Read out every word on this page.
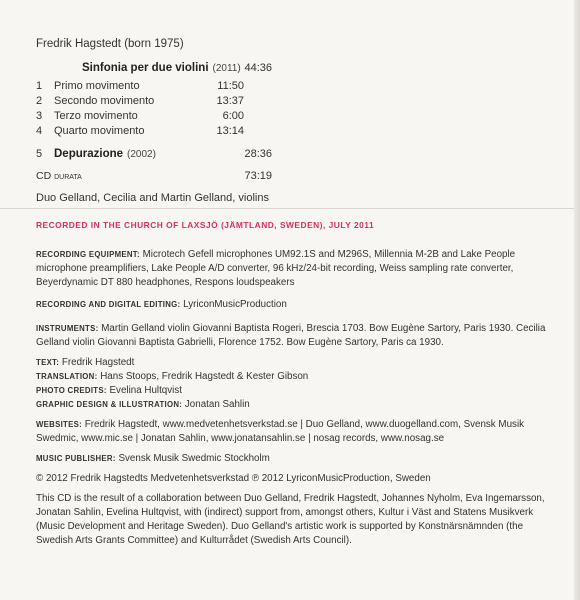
Fredrik Hagstedt (born 1975)
Sinfonia per due violini (2011) 44:36
1	Primo movimento	11:50
2	Secondo movimento	13:37
3	Terzo movimento	6:00
4	Quarto movimento	13:14
5	Depurazione (2002)	28:36
CD durata	73:19
Duo Gelland, Cecilia and Martin Gelland, violins
RECORDED IN THE CHURCH OF LAXSJÖ (JÄMTLAND, SWEDEN), JULY 2011
RECORDING EQUIPMENT: Microtech Gefell microphones UM92.1S and M296S, Millennia M-2B and Lake People microphone preamplifiers, Lake People A/D converter, 96 kHz/24-bit recording, Weiss sampling rate converter, Beyerdynamic DT 880 headphones, Respons loudspeakers
RECORDING AND DIGITAL EDITING: LyriconMusicProduction
INSTRUMENTS: Martin Gelland violin Giovanni Baptista Rogeri, Brescia 1703. Bow Eugène Sartory, Paris 1930. Cecilia Gelland violin Giovanni Baptista Gabrielli, Florence 1752. Bow Eugène Sartory, Paris ca 1930.
TEXT: Fredrik Hagstedt
TRANSLATION: Hans Stoops, Fredrik Hagstedt & Kester Gibson
PHOTO CREDITS: Evelina Hultqvist
GRAPHIC DESIGN & ILLUSTRATION: Jonatan Sahlin
WEBSITES: Fredrik Hagstedt, www.medvetenhetsverkstad.se | Duo Gelland, www.duogelland.com, Svensk Musik Swedmic, www.mic.se | Jonatan Sahlin, www.jonatansahlin.se | nosag records, www.nosag.se
MUSIC PUBLISHER: Svensk Musik Swedmic Stockholm
© 2012 Fredrik Hagstedts Medvetenhetsverkstad ℗ 2012 LyriconMusicProduction, Sweden
This CD is the result of a collaboration between Duo Gelland, Fredrik Hagstedt, Johannes Nyholm, Eva Ingemarsson, Jonatan Sahlin, Evelina Hultqvist, with (indirect) support from, amongst others, Kultur i Väst and Statens Musikverk (Music Development and Heritage Sweden). Duo Gelland's artistic work is supported by Konstnärsnämnden (the Swedish Arts Grants Committee) and Kulturrådet (Swedish Arts Council).
